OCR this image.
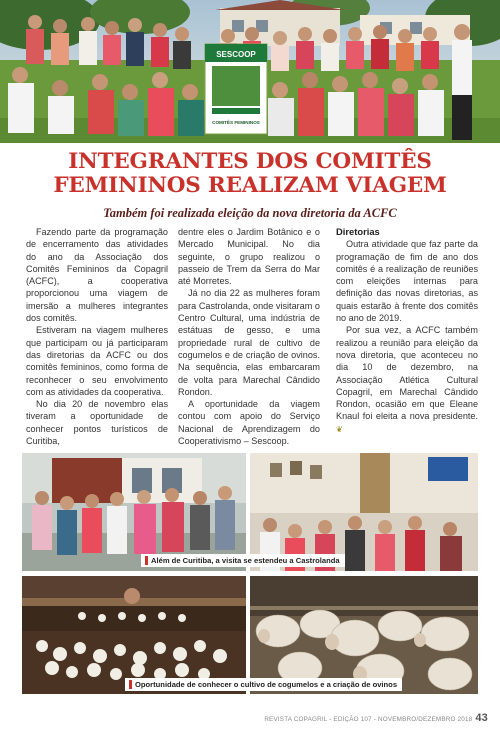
SESCOOP
COMITÊS FEMININOS
INTEGRANTES DOS COMITÊS
FEMININOS REALIZAM VIAGEM
Também foi realizada eleição da nova diretoria da ACFC

Fazendo parte da programação de encerramento das atividades do ano da Associação dos Comitês Femininos da Copagril (ACFC), a cooperativa proporcionou uma viagem de imersão a mulheres integrantes dos comitês.

Estiveram na viagem mulheres que participam ou já participaram das diretorias da ACFC ou dos comitês femininos, como forma de reconhecer o seu envolvimento com as atividades da cooperativa.

No dia 20 de novembro elas tiveram a oportunidade de conhecer pontos turísticos de Curitiba,

dentre eles o Jardim Botânico e o Mercado Municipal. No dia seguinte, o grupo realizou o passeio de Trem da Serra do Mar até Morretes.

Já no dia 22 as mulheres foram para Castrolanda, onde visitaram o Centro Cultural, uma indústria de estátuas de gesso, e uma propriedade rural de cultivo de cogumelos e de criação de ovinos. Na sequência, elas embarcaram de volta para Marechal Cândido Rondon.

A oportunidade da viagem contou com apoio do Serviço Nacional de Aprendizagem do Cooperativismo – Sescoop.

Diretorias

Outra atividade que faz parte da programação de fim de ano dos comitês é a realização de reuniões com eleições internas para definição das novas diretorias, as quais estarão à frente dos comitês no ano de 2019.

Por sua vez, a ACFC também realizou a reunião para eleição da nova diretoria, que aconteceu no dia 10 de dezembro, na Associação Atlética Cultural Copagril, em Marechal Cândido Rondon, ocasião em que Eleane Knaul foi eleita a nova presidente. ❦

Além de Curitiba, a visita se estendeu a Castrolanda
Oportunidade de conhecer o cultivo de cogumelos e a criação de ovinos
REVISTA COPAGRIL - EDIÇÃO 107 - NOVEMBRO/DEZEMBRO 2018 43
